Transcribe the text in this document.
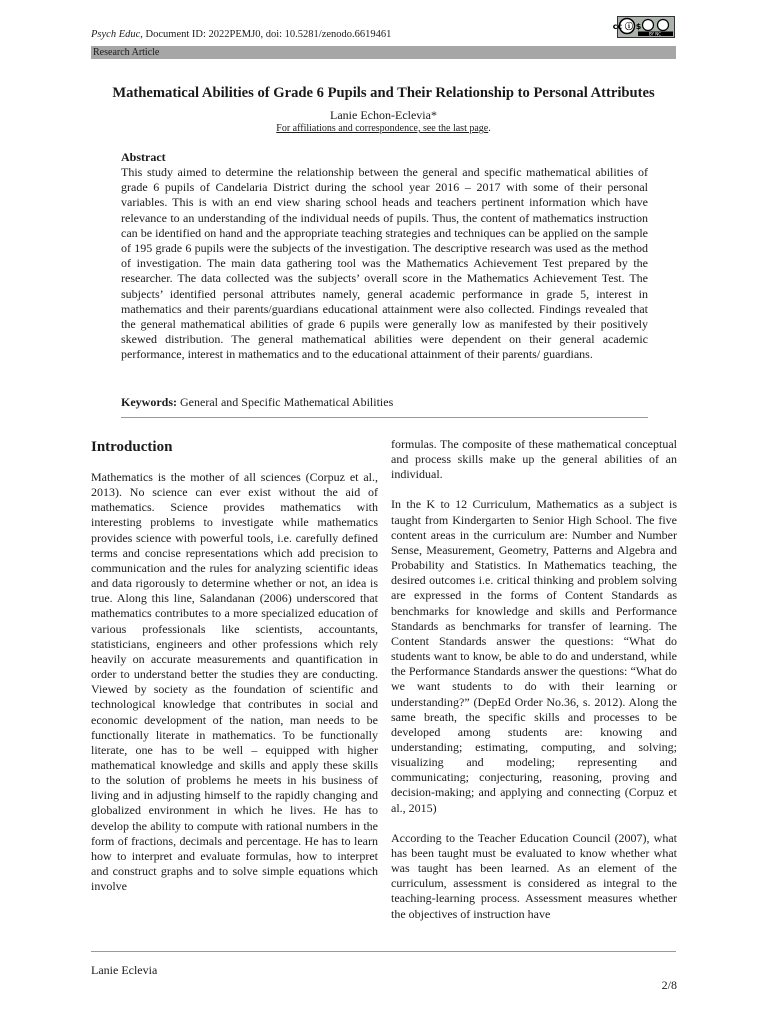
Psych Educ, Document ID: 2022PEMJ0, doi: 10.5281/zenodo.6619461
cc ⓘ $
BY NC
Research Article
Mathematical Abilities of Grade 6 Pupils and Their Relationship to Personal Attributes
Lanie Echon-Eclevia*
For affiliations and correspondence, see the last page.
Abstract
This study aimed to determine the relationship between the general and specific mathematical abilities of grade 6 pupils of Candelaria District during the school year 2016 – 2017 with some of their personal variables. This is with an end view sharing school heads and teachers pertinent information which have relevance to an understanding of the individual needs of pupils. Thus, the content of mathematics instruction can be identified on hand and the appropriate teaching strategies and techniques can be applied on the sample of 195 grade 6 pupils were the subjects of the investigation. The descriptive research was used as the method of investigation. The main data gathering tool was the Mathematics Achievement Test prepared by the researcher. The data collected was the subjects’ overall score in the Mathematics Achievement Test. The subjects’ identified personal attributes namely, general academic performance in grade 5, interest in mathematics and their parents/guardians educational attainment were also collected. Findings revealed that the general mathematical abilities of grade 6 pupils were generally low as manifested by their positively skewed distribution. The general mathematical abilities were dependent on their general academic performance, interest in mathematics and to the educational attainment of their parents/ guardians.
Keywords: General and Specific Mathematical Abilities
Introduction

Mathematics is the mother of all sciences (Corpuz et al., 2013). No science can ever exist without the aid of mathematics. Science provides mathematics with interesting problems to investigate while mathematics provides science with powerful tools, i.e. carefully defined terms and concise representations which add precision to communication and the rules for analyzing scientific ideas and data rigorously to determine whether or not, an idea is true. Along this line, Salandanan (2006) underscored that mathematics contributes to a more specialized education of various professionals like scientists, accountants, statisticians, engineers and other professions which rely heavily on accurate measurements and quantification in order to understand better the studies they are conducting. Viewed by society as the foundation of scientific and technological knowledge that contributes in social and economic development of the nation, man needs to be functionally literate in mathematics. To be functionally literate, one has to be well – equipped with higher mathematical knowledge and skills and apply these skills to the solution of problems he meets in his business of living and in adjusting himself to the rapidly changing and globalized environment in which he lives. He has to develop the ability to compute with rational numbers in the form of fractions, decimals and percentage. He has to learn how to interpret and evaluate formulas, how to interpret and construct graphs and to solve simple equations which involve

formulas. The composite of these mathematical conceptual and process skills make up the general abilities of an individual.

In the K to 12 Curriculum, Mathematics as a subject is taught from Kindergarten to Senior High School. The five content areas in the curriculum are: Number and Number Sense, Measurement, Geometry, Patterns and Algebra and Probability and Statistics. In Mathematics teaching, the desired outcomes i.e. critical thinking and problem solving are expressed in the forms of Content Standards as benchmarks for knowledge and skills and Performance Standards as benchmarks for transfer of learning. The Content Standards answer the questions: “What do students want to know, be able to do and understand, while the Performance Standards answer the questions: “What do we want students to do with their learning or understanding?” (DepEd Order No.36, s. 2012). Along the same breath, the specific skills and processes to be developed among students are: knowing and understanding; estimating, computing, and solving; visualizing and modeling; representing and communicating; conjecturing, reasoning, proving and decision-making; and applying and connecting (Corpuz et al., 2015)

According to the Teacher Education Council (2007), what has been taught must be evaluated to know whether what was taught has been learned. As an element of the curriculum, assessment is considered as integral to the teaching-learning process. Assessment measures whether the objectives of instruction have

Lanie Eclevia
2/8
